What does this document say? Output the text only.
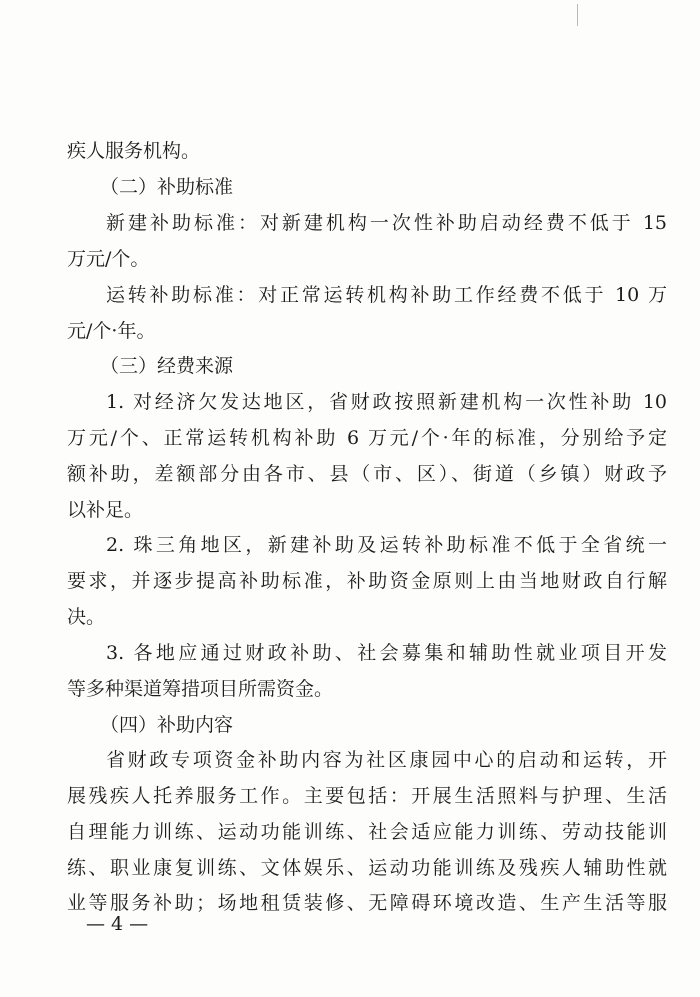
疾人服务机构。
（二）补助标准
新建补助标准：对新建机构一次性补助启动经费不低于 15
万元/个。
运转补助标准：对正常运转机构补助工作经费不低于 10 万
元/个·年。
（三）经费来源
1. 对经济欠发达地区，省财政按照新建机构一次性补助 10
万元/个、正常运转机构补助 6 万元/个·年的标准，分别给予定
额补助，差额部分由各市、县（市、区）、街道（乡镇）财政予
以补足。
2. 珠三角地区，新建补助及运转补助标准不低于全省统一
要求，并逐步提高补助标准，补助资金原则上由当地财政自行解
决。
3. 各地应通过财政补助、社会募集和辅助性就业项目开发
等多种渠道筹措项目所需资金。
（四）补助内容
省财政专项资金补助内容为社区康园中心的启动和运转，开
展残疾人托养服务工作。主要包括：开展生活照料与护理、生活
自理能力训练、运动功能训练、社会适应能力训练、劳动技能训
练、职业康复训练、文体娱乐、运动功能训练及残疾人辅助性就
业等服务补助；场地租赁装修、无障碍环境改造、生产生活等服
— 4 —
